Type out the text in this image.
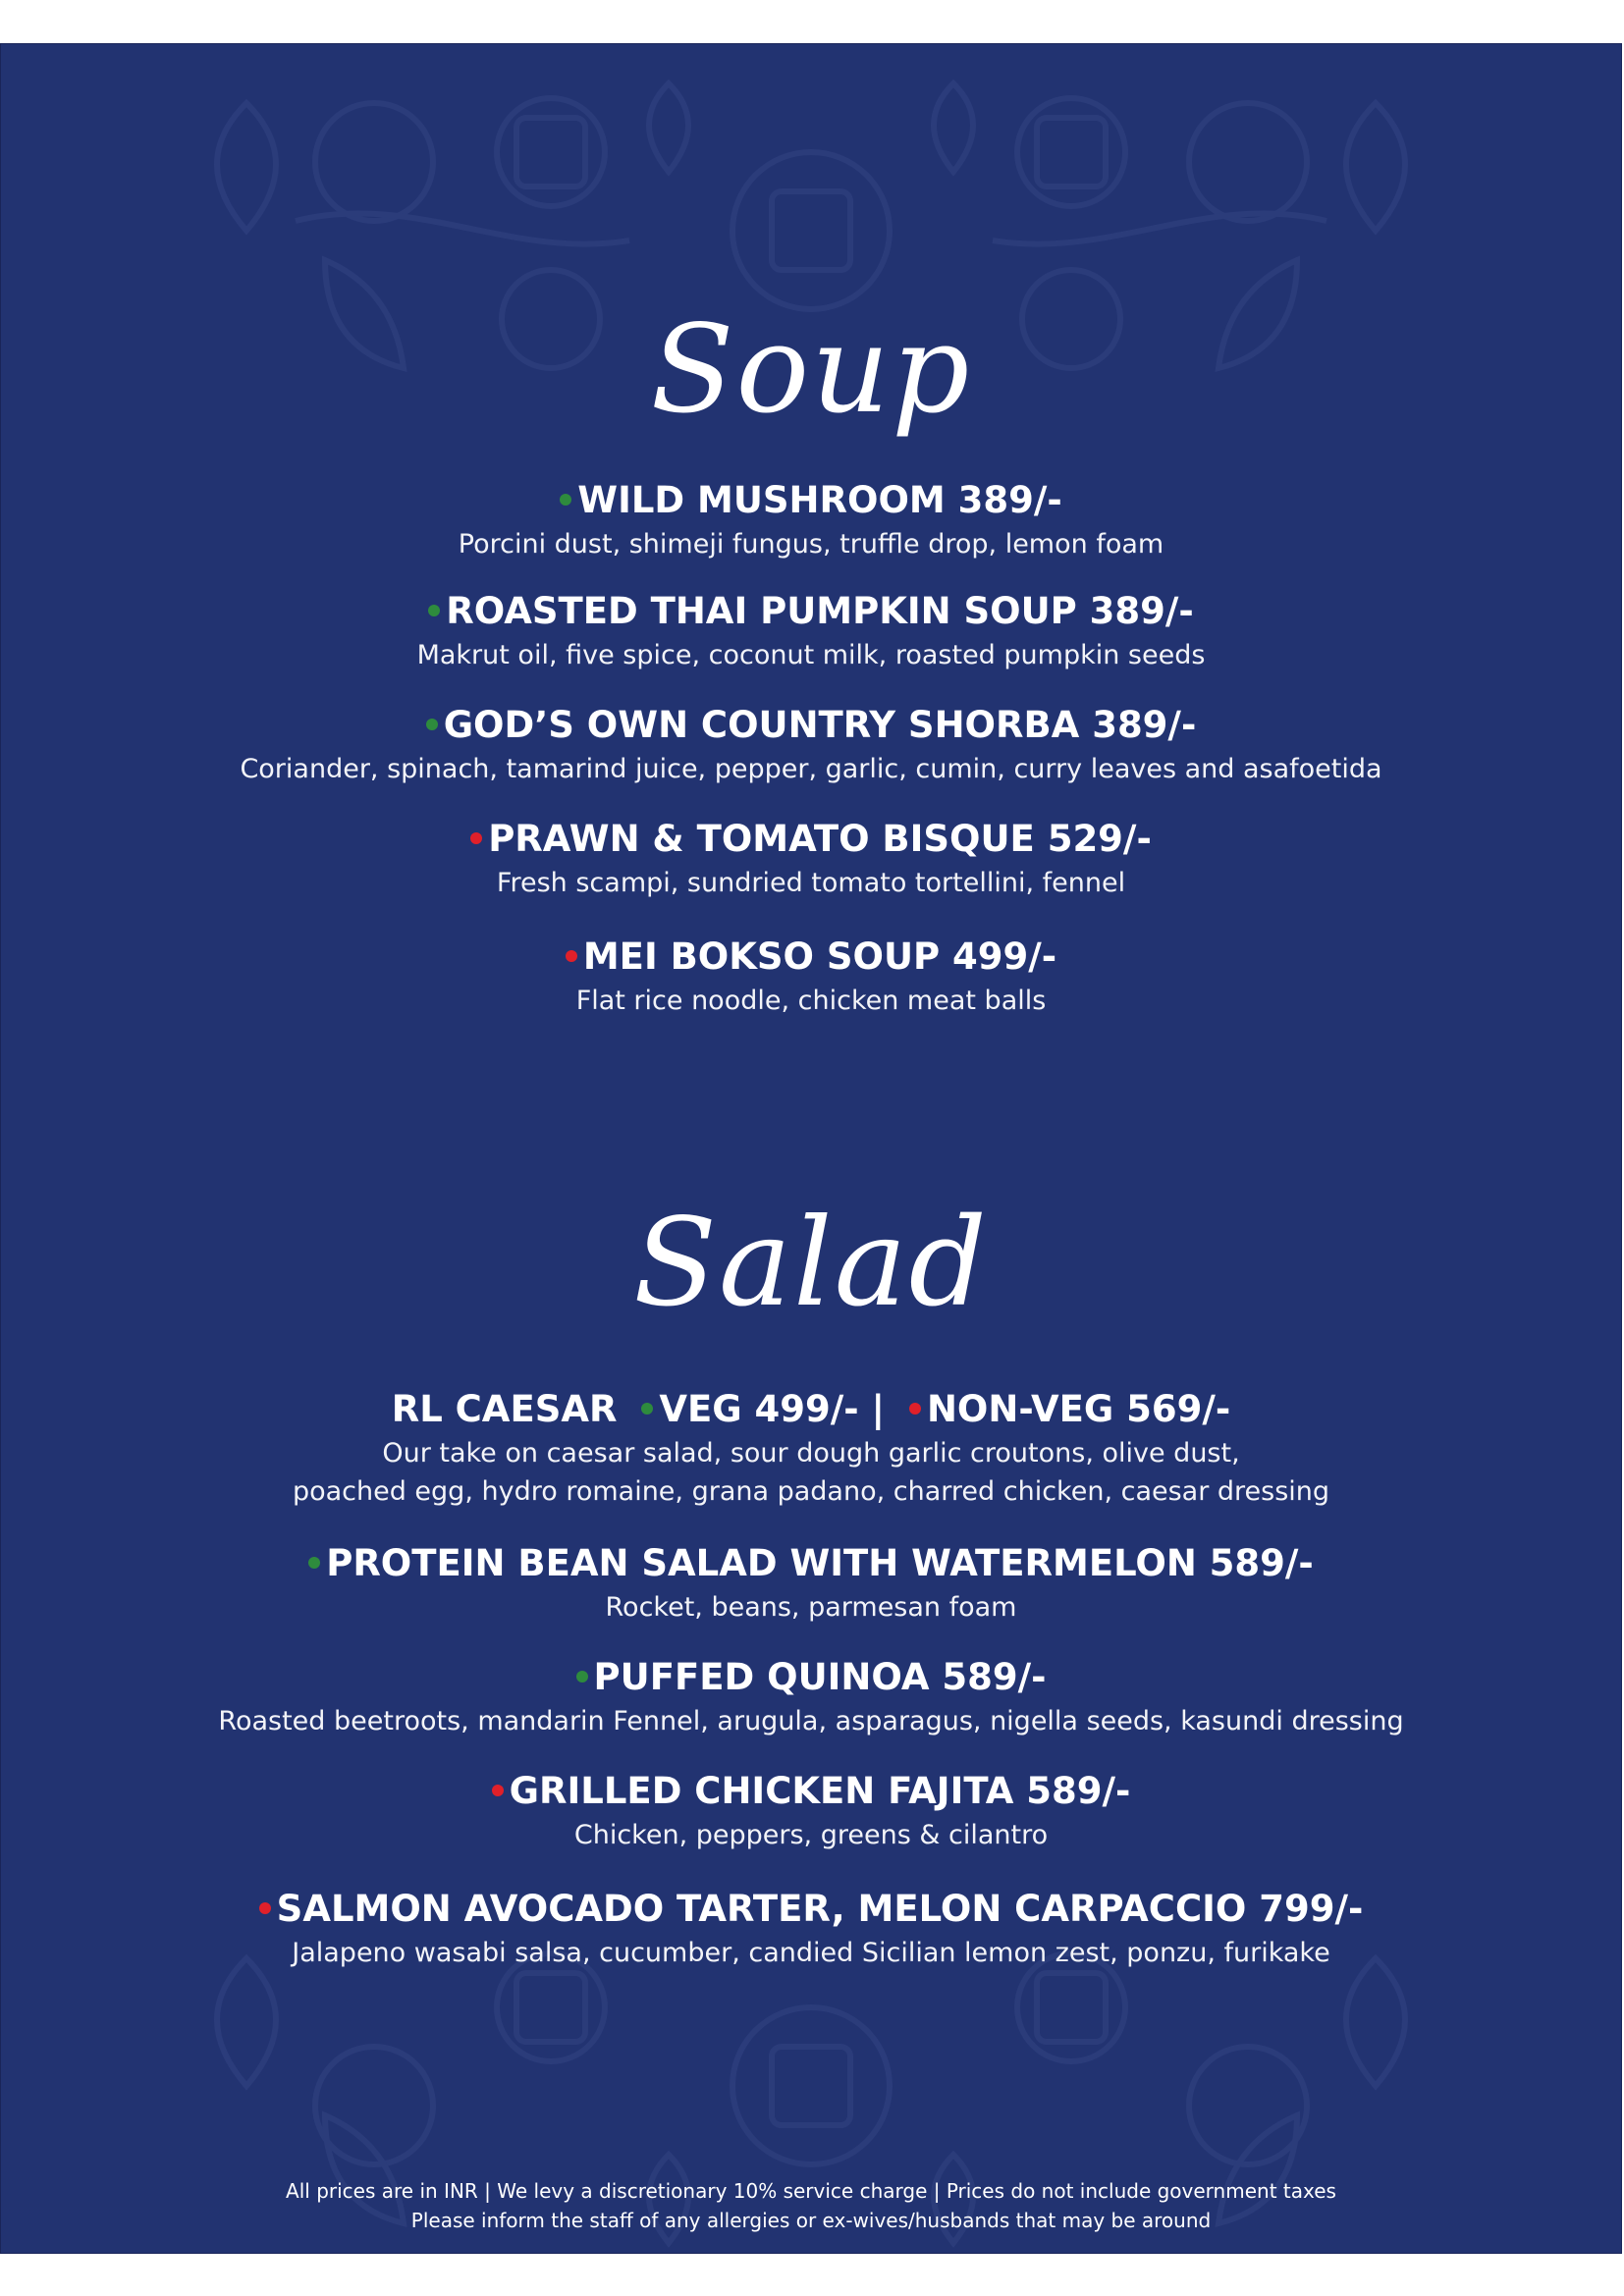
Soup
WILD MUSHROOM 389/-
Porcini dust, shimeji fungus, truffle drop, lemon foam
ROASTED THAI PUMPKIN SOUP 389/-
Makrut oil, five spice, coconut milk, roasted pumpkin seeds
GOD’S OWN COUNTRY SHORBA 389/-
Coriander, spinach, tamarind juice, pepper, garlic, cumin, curry leaves and asafoetida
PRAWN & TOMATO BISQUE 529/-
Fresh scampi, sundried tomato tortellini, fennel
MEI BOKSO SOUP 499/-
Flat rice noodle, chicken meat balls
Salad
RL CAESAR VEG 499/- | NON-VEG 569/-
Our take on caesar salad, sour dough garlic croutons, olive dust,
poached egg, hydro romaine, grana padano, charred chicken, caesar dressing
PROTEIN BEAN SALAD WITH WATERMELON 589/-
Rocket, beans, parmesan foam
PUFFED QUINOA 589/-
Roasted beetroots, mandarin Fennel, arugula, asparagus, nigella seeds, kasundi dressing
GRILLED CHICKEN FAJITA 589/-
Chicken, peppers, greens & cilantro
SALMON AVOCADO TARTER, MELON CARPACCIO 799/-
Jalapeno wasabi salsa, cucumber, candied Sicilian lemon zest, ponzu, furikake
All prices are in INR | We levy a discretionary 10% service charge | Prices do not include government taxes
Please inform the staff of any allergies or ex-wives/husbands that may be around
